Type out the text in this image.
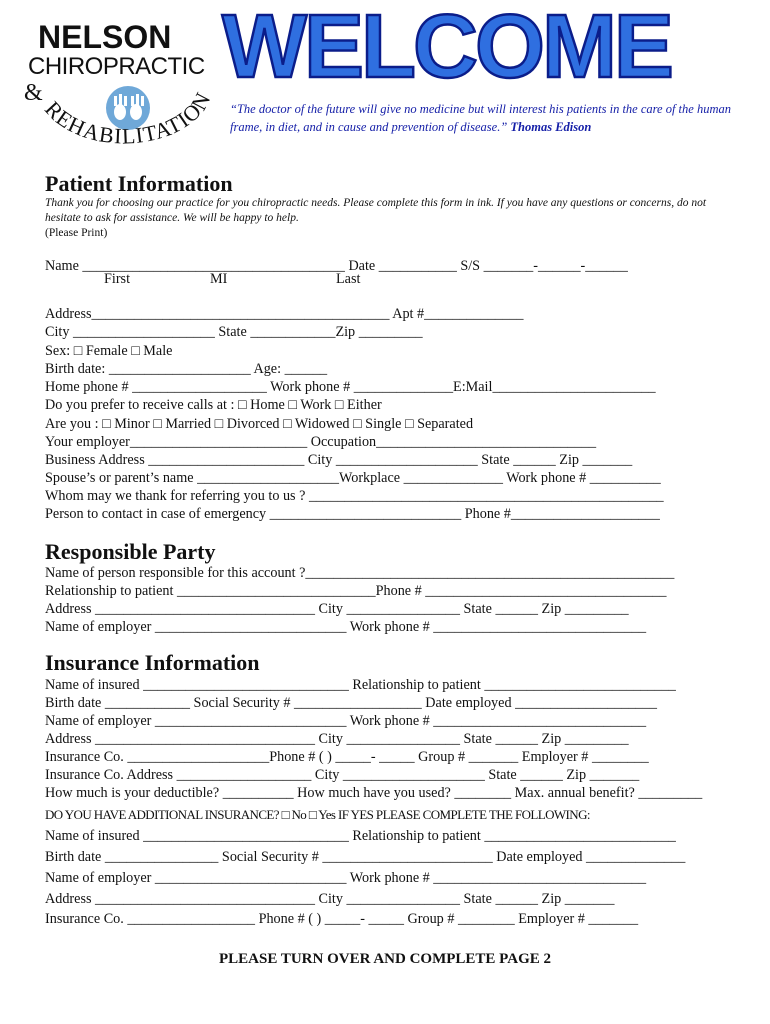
NELSON
CHIROPRACTIC
&
REHABILITATION
WELCOME
“The doctor of the future will give no medicine but will interest his patients in the care of the human frame, in diet, and in cause and prevention of disease.” Thomas Edison
Patient Information
Thank you for choosing our practice for you chiropractic needs. Please complete this form in ink. If you have any questions or concerns, do not hesitate to ask for assistance. We will be happy to help.
(Please Print)
Name _____________________________________ Date ___________ S/S _______-______-______
First	MI	Last
Address__________________________________________ Apt #______________
City ____________________ State ____________Zip _________
Sex: □ Female □ Male
Birth date: ____________________ Age: ______
Home phone # ___________________ Work phone # ______________E:Mail_______________________
Do you prefer to receive calls at : □ Home □ Work □ Either
Are you : □ Minor □ Married □ Divorced □ Widowed □ Single □ Separated
Your employer_________________________ Occupation_______________________________
Business Address ______________________ City ____________________ State ______ Zip _______
Spouse’s or parent’s name ____________________Workplace ______________ Work phone # __________
Whom may we thank for referring you to us ? __________________________________________________
Person to contact in case of emergency ___________________________ Phone #_____________________
Responsible Party
Name of person responsible for this account ?____________________________________________________
Relationship to patient ____________________________Phone # __________________________________
Address _______________________________ City ________________ State ______ Zip _________
Name of employer ___________________________ Work phone # ______________________________
Insurance Information
Name of insured _____________________________ Relationship to patient ___________________________
Birth date ____________ Social Security # __________________ Date employed ____________________
Name of employer ___________________________ Work phone # ______________________________
Address _______________________________ City ________________ State ______ Zip _________
Insurance Co. ____________________Phone # ( ) _____- _____ Group # _______ Employer # ________
Insurance Co. Address ___________________ City ____________________ State ______ Zip _______
How much is your deductible? __________ How much have you used? ________ Max. annual benefit? _________
DO YOU HAVE ADDITIONAL INSURANCE? □ No □ Yes IF YES PLEASE COMPLETE THE FOLLOWING:
Name of insured _____________________________ Relationship to patient ___________________________
Birth date ________________ Social Security # ________________________ Date employed ______________
Name of employer ___________________________ Work phone # ______________________________
Address _______________________________ City ________________ State ______ Zip _______
Insurance Co. __________________ Phone # ( ) _____- _____ Group # ________ Employer # _______
PLEASE TURN OVER AND COMPLETE PAGE 2
